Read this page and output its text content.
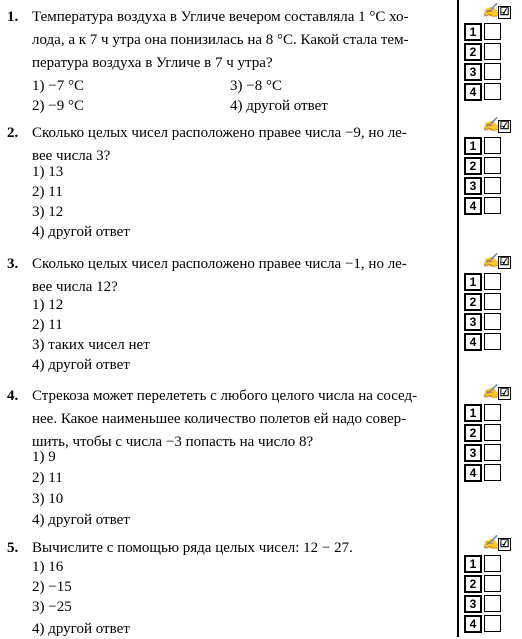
1. Температура воздуха в Угличе вечером составляла 1 °С хо-
лода, а к 7 ч утра она понизилась на 8 °С. Какой стала тем-
пература воздуха в Угличе в 7 ч утра?
1) −7 °С	3) −8 °С
2) −9 °С	4) другой ответ
2. Сколько целых чисел расположено правее числа −9, но ле-
вее числа 3?
1) 13
2) 11
3) 12
4) другой ответ
3. Сколько целых чисел расположено правее числа −1, но ле-
вее числа 12?
1) 12
2) 11
3) таких чисел нет
4) другой ответ
4. Стрекоза может перелететь с любого целого числа на сосед-
нее. Какое наименьшее количество полетов ей надо совер-
шить, чтобы с числа −3 попасть на число 8?
1) 9
2) 11
3) 10
4) другой ответ
5. Вычислите с помощью ряда целых чисел: 12 − 27.
1) 16
2) −15
3) −25
4) другой ответ
✍ ☑
1
2
3
4
✍ ☑
1
2
3
4
✍ ☑
1
2
3
4
✍ ☑
1
2
3
4
✍ ☑
1
2
3
4
